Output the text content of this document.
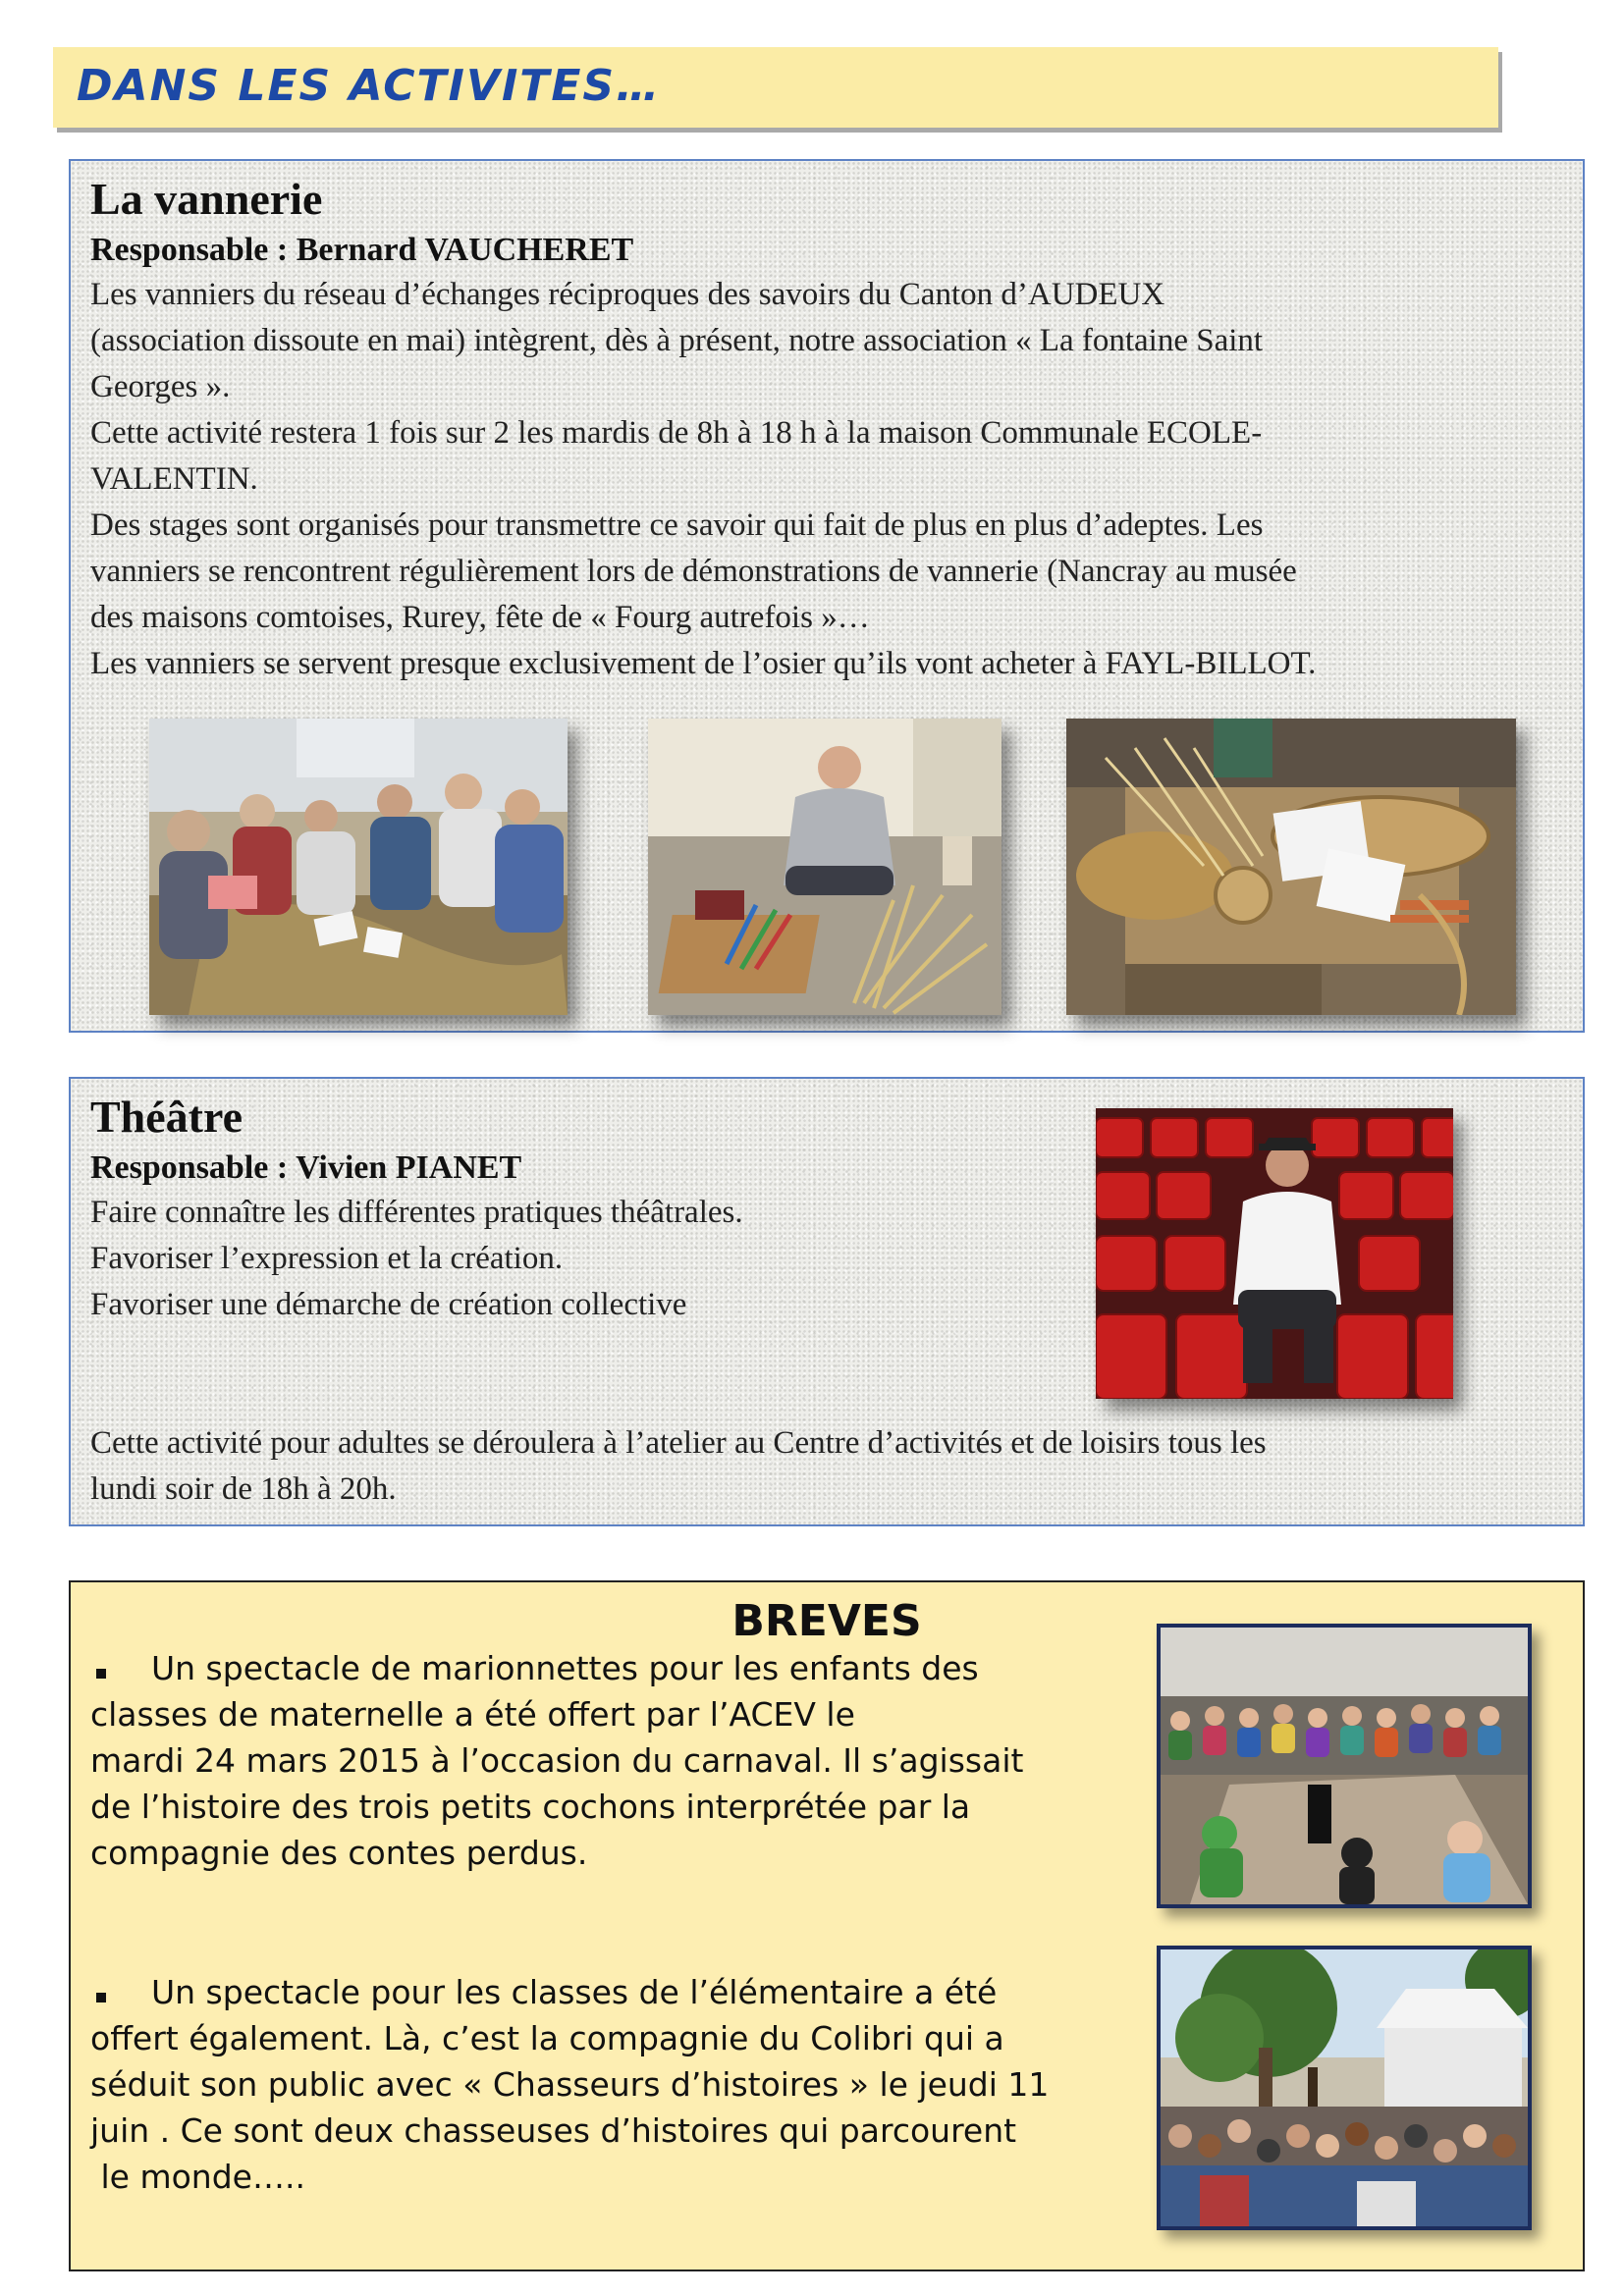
DANS LES ACTIVITES…
La vannerie
Responsable : Bernard VAUCHERET
Les vanniers du réseau d’échanges réciproques des savoirs du Canton d’AUDEUX
(association dissoute en mai) intègrent, dès à présent, notre association « La fontaine Saint
Georges ».
Cette activité restera 1 fois sur 2 les mardis de 8h à 18 h à la maison Communale ECOLE-
VALENTIN.
Des stages sont organisés pour transmettre ce savoir qui fait de plus en plus d’adeptes. Les
vanniers se rencontrent régulièrement lors de démonstrations de vannerie (Nancray au musée
des maisons comtoises, Rurey, fête de « Fourg autrefois »…
Les vanniers se servent presque exclusivement de l’osier qu’ils vont acheter à FAYL-BILLOT.
Théâtre
Responsable : Vivien PIANET
Faire connaître les différentes pratiques théâtrales.
Favoriser l’expression et la création.
Favoriser une démarche de création collective
Cette activité pour adultes se déroulera à l’atelier au Centre d’activités et de loisirs tous les
lundi soir de 18h à 20h.
BREVES
Un spectacle de marionnettes pour les enfants des
classes de maternelle a été offert par l’ACEV le
mardi 24 mars 2015 à l’occasion du carnaval. Il s’agissait
de l’histoire des trois petits cochons interprétée par la
compagnie des contes perdus.
Un spectacle pour les classes de l’élémentaire a été
offert également. Là, c’est la compagnie du Colibri qui a
séduit son public avec « Chasseurs d’histoires » le jeudi 11
juin . Ce sont deux chasseuses d’histoires qui parcourent
le monde…..
